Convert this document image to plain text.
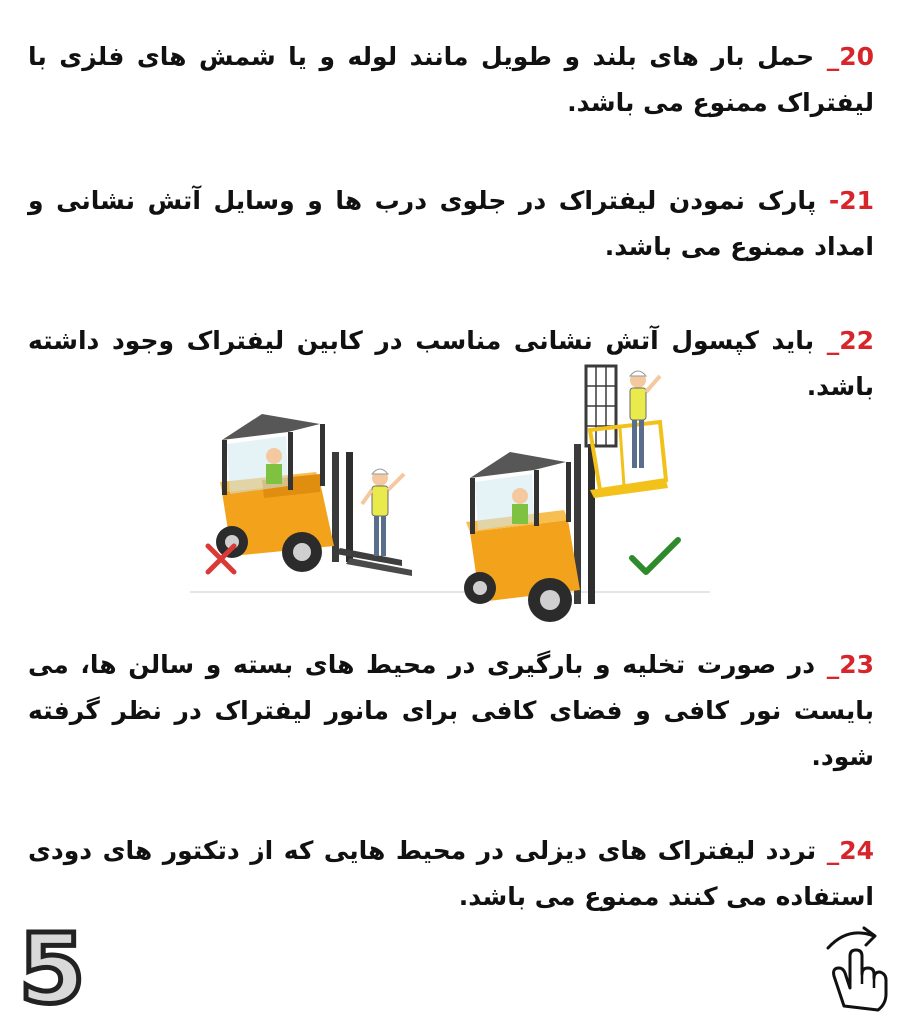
20_ حمل بار های بلند و طویل مانند لوله و یا شمش های فلزی با لیفتراک ممنوع می باشد.

21- پارک نمودن لیفتراک در جلوی درب ها و وسایل آتش نشانی و امداد ممنوع می باشد.

22_ باید کپسول آتش نشانی مناسب در کابین لیفتراک وجود داشته باشد.

23_ در صورت تخلیه و بارگیری در محیط های بسته و سالن ها، می بایست نور کافی و فضای کافی برای مانور لیفتراک در نظر گرفته شود.

24_ تردد لیفتراک های دیزلی در محیط هایی که از دتکتور های دودی استفاده می کنند ممنوع می باشد.

5
